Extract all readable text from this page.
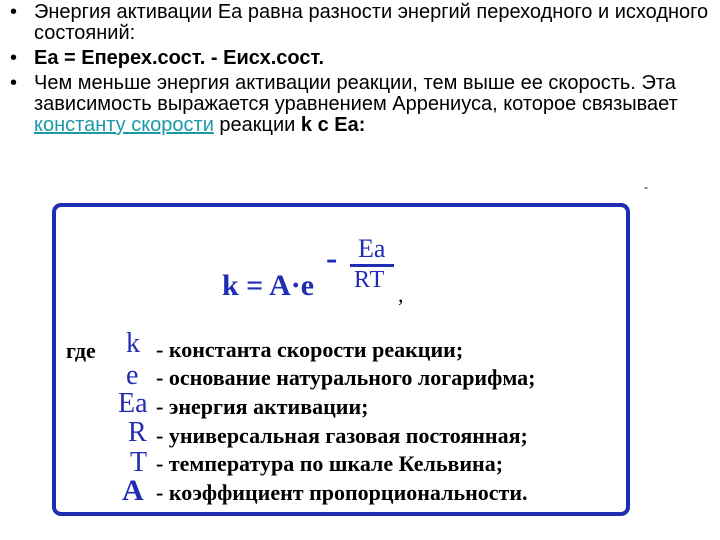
• Энергия активации Еа равна разности энергий переходного и исходного состояний:
• Еа = Еперех.сост. - Еисх.сост.
• Чем меньше энергия активации реакции, тем выше ее скорость. Эта зависимость выражается уравнением Аррениуса, которое связывает константу скорости реакции k с Еа:
-
k = A·e
- Ea
RT
,
где k - константа скорости реакции;
e - основание натурального логарифма;
Ea - энергия активации;
R - универсальная газовая постоянная;
T - температура по шкале Кельвина;
A - коэффициент пропорциональности.
